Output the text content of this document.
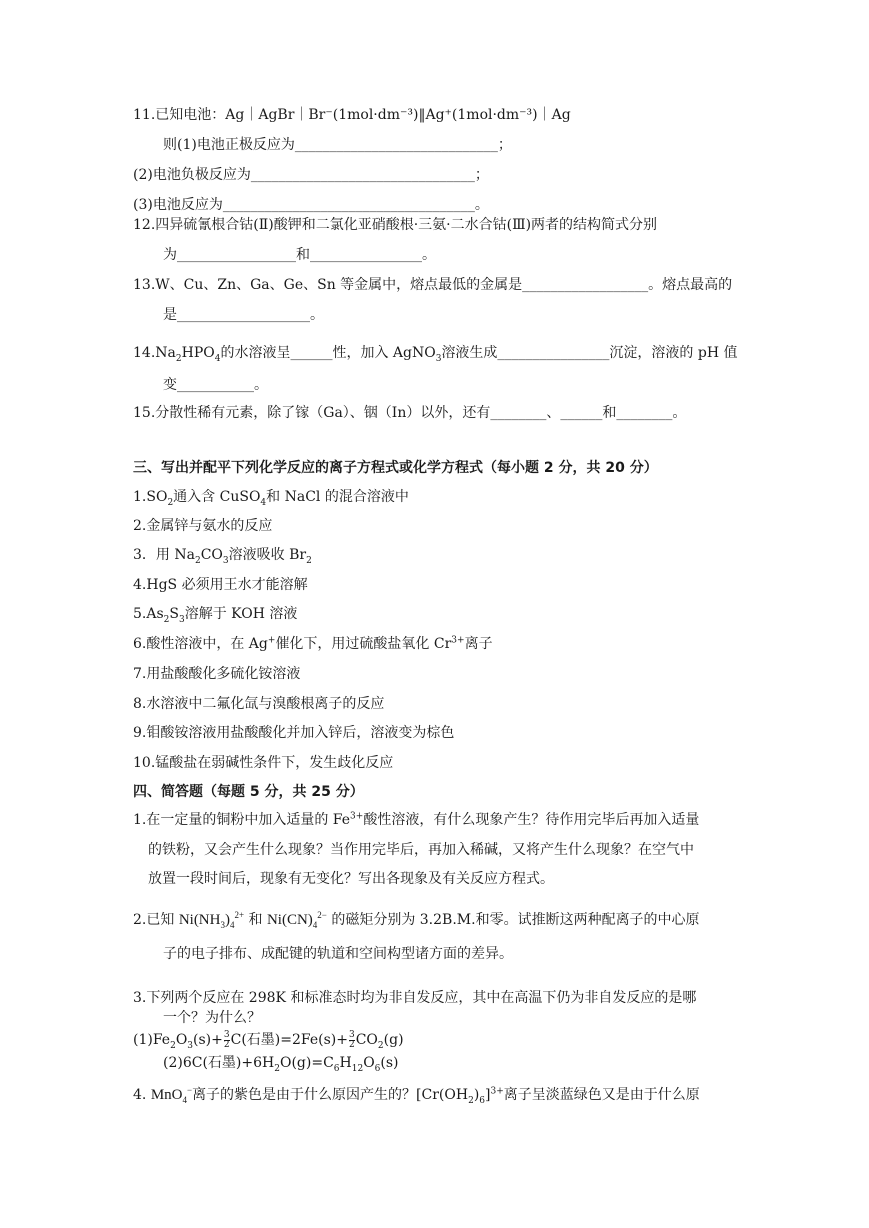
11.已知电池：Ag｜AgBr｜Br⁻(1mol·dm⁻³)‖Ag⁺(1mol·dm⁻³)｜Ag
则(1)电池正极反应为_____________________________；
(2)电池负极反应为________________________________；
(3)电池反应为____________________________________。
12.四异硫氰根合钴(Ⅱ)酸钾和二氯化亚硝酸根·三氨·二水合钴(Ⅲ)两者的结构简式分别
为_________________和________________。
13.W、Cu、Zn、Ga、Ge、Sn 等金属中，熔点最低的金属是__________________。熔点最高的
是___________________。
$14.Na_2HPO_4$的水溶液呈______性，加入 AgNO$_3$溶液生成________________沉淀，溶液的 pH 值
变___________。
15.分散性稀有元素，除了镓（Ga）、铟（In）以外，还有________、______和________。
三、写出并配平下列化学反应的离子方程式或化学方程式（每小题 2 分，共 20 分）
$1.SO_2$通入含 CuSO$_4$和 NaCl 的混合溶液中
2.金属锌与氨水的反应
3．用 $Na_2CO_3$溶液吸收 $Br_2$
4.HgS 必须用王水才能溶解
$5.As_2S_3$溶解于 KOH 溶液
6.酸性溶液中，在 Ag+催化下，用过硫酸盐氧化 $Cr^{3+}$离子
7.用盐酸酸化多硫化铵溶液
8.水溶液中二氟化氙与溴酸根离子的反应
9.钼酸铵溶液用盐酸酸化并加入锌后，溶液变为棕色
10.锰酸盐在弱碱性条件下，发生歧化反应
四、简答题（每题 5 分，共 25 分）
1.在一定量的铜粉中加入适量的 $Fe^{3+}$酸性溶液，有什么现象产生？待作用完毕后再加入适量
的铁粉，又会产生什么现象？当作用完毕后，再加入稀碱，又将产生什么现象？在空气中
放置一段时间后，现象有无变化？写出各现象及有关反应方程式。
2.已知 $Ni(NH_3)_4^{2+}$ 和 $Ni(CN)_4^{2-}$ 的磁矩分别为 3.2B.M.和零。试推断这两种配离子的中心原
子的电子排布、成配键的轨道和空间构型诸方面的差异。
3.下列两个反应在 298K 和标准态时均为非自发反应，其中在高温下仍为非自发反应的是哪
一个？为什么？
$(1)Fe_2O_3(s)+ \frac{3}{2} C$(石墨)$=2Fe(s)+ \frac{3}{2} CO_2(g)$
(2)6C(石墨)$+6H_2O(g)=C_6H_{12}O_6(s)$
4. MnO$_4$−离子的紫色是由于什么原因产生的？$[Cr(OH_2)_6]^{3+}$离子呈淡蓝绿色又是由于什么原
